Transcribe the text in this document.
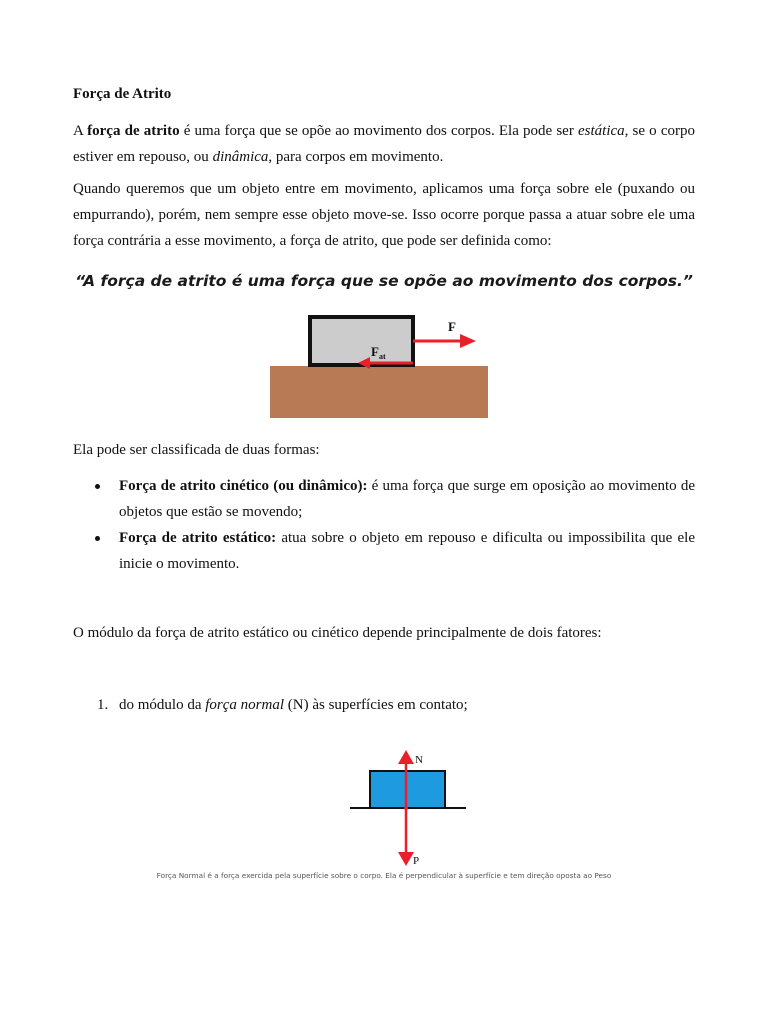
Força de Atrito

A força de atrito é uma força que se opõe ao movimento dos corpos. Ela pode ser estática, se o corpo estiver em repouso, ou dinâmica, para corpos em movimento.

Quando queremos que um objeto entre em movimento, aplicamos uma força sobre ele (puxando ou empurrando), porém, nem sempre esse objeto move-se. Isso ocorre porque passa a atuar sobre ele uma força contrária a esse movimento, a força de atrito, que pode ser definida como:

“A força de atrito é uma força que se opõe ao movimento dos corpos.”
F
$F_{at}$

Ela pode ser classificada de duas formas:

Força de atrito cinético (ou dinâmico): é uma força que surge em oposição ao movimento de objetos que estão se movendo;
Força de atrito estático: atua sobre o objeto em repouso e dificulta ou impossibilita que ele inicie o movimento.

O módulo da força de atrito estático ou cinético depende principalmente de dois fatores:

1. do módulo da força normal (N) às superfícies em contato;
N
P
Força Normal é a força exercida pela superfície sobre o corpo. Ela é perpendicular à superfície e tem direção oposta ao Peso
